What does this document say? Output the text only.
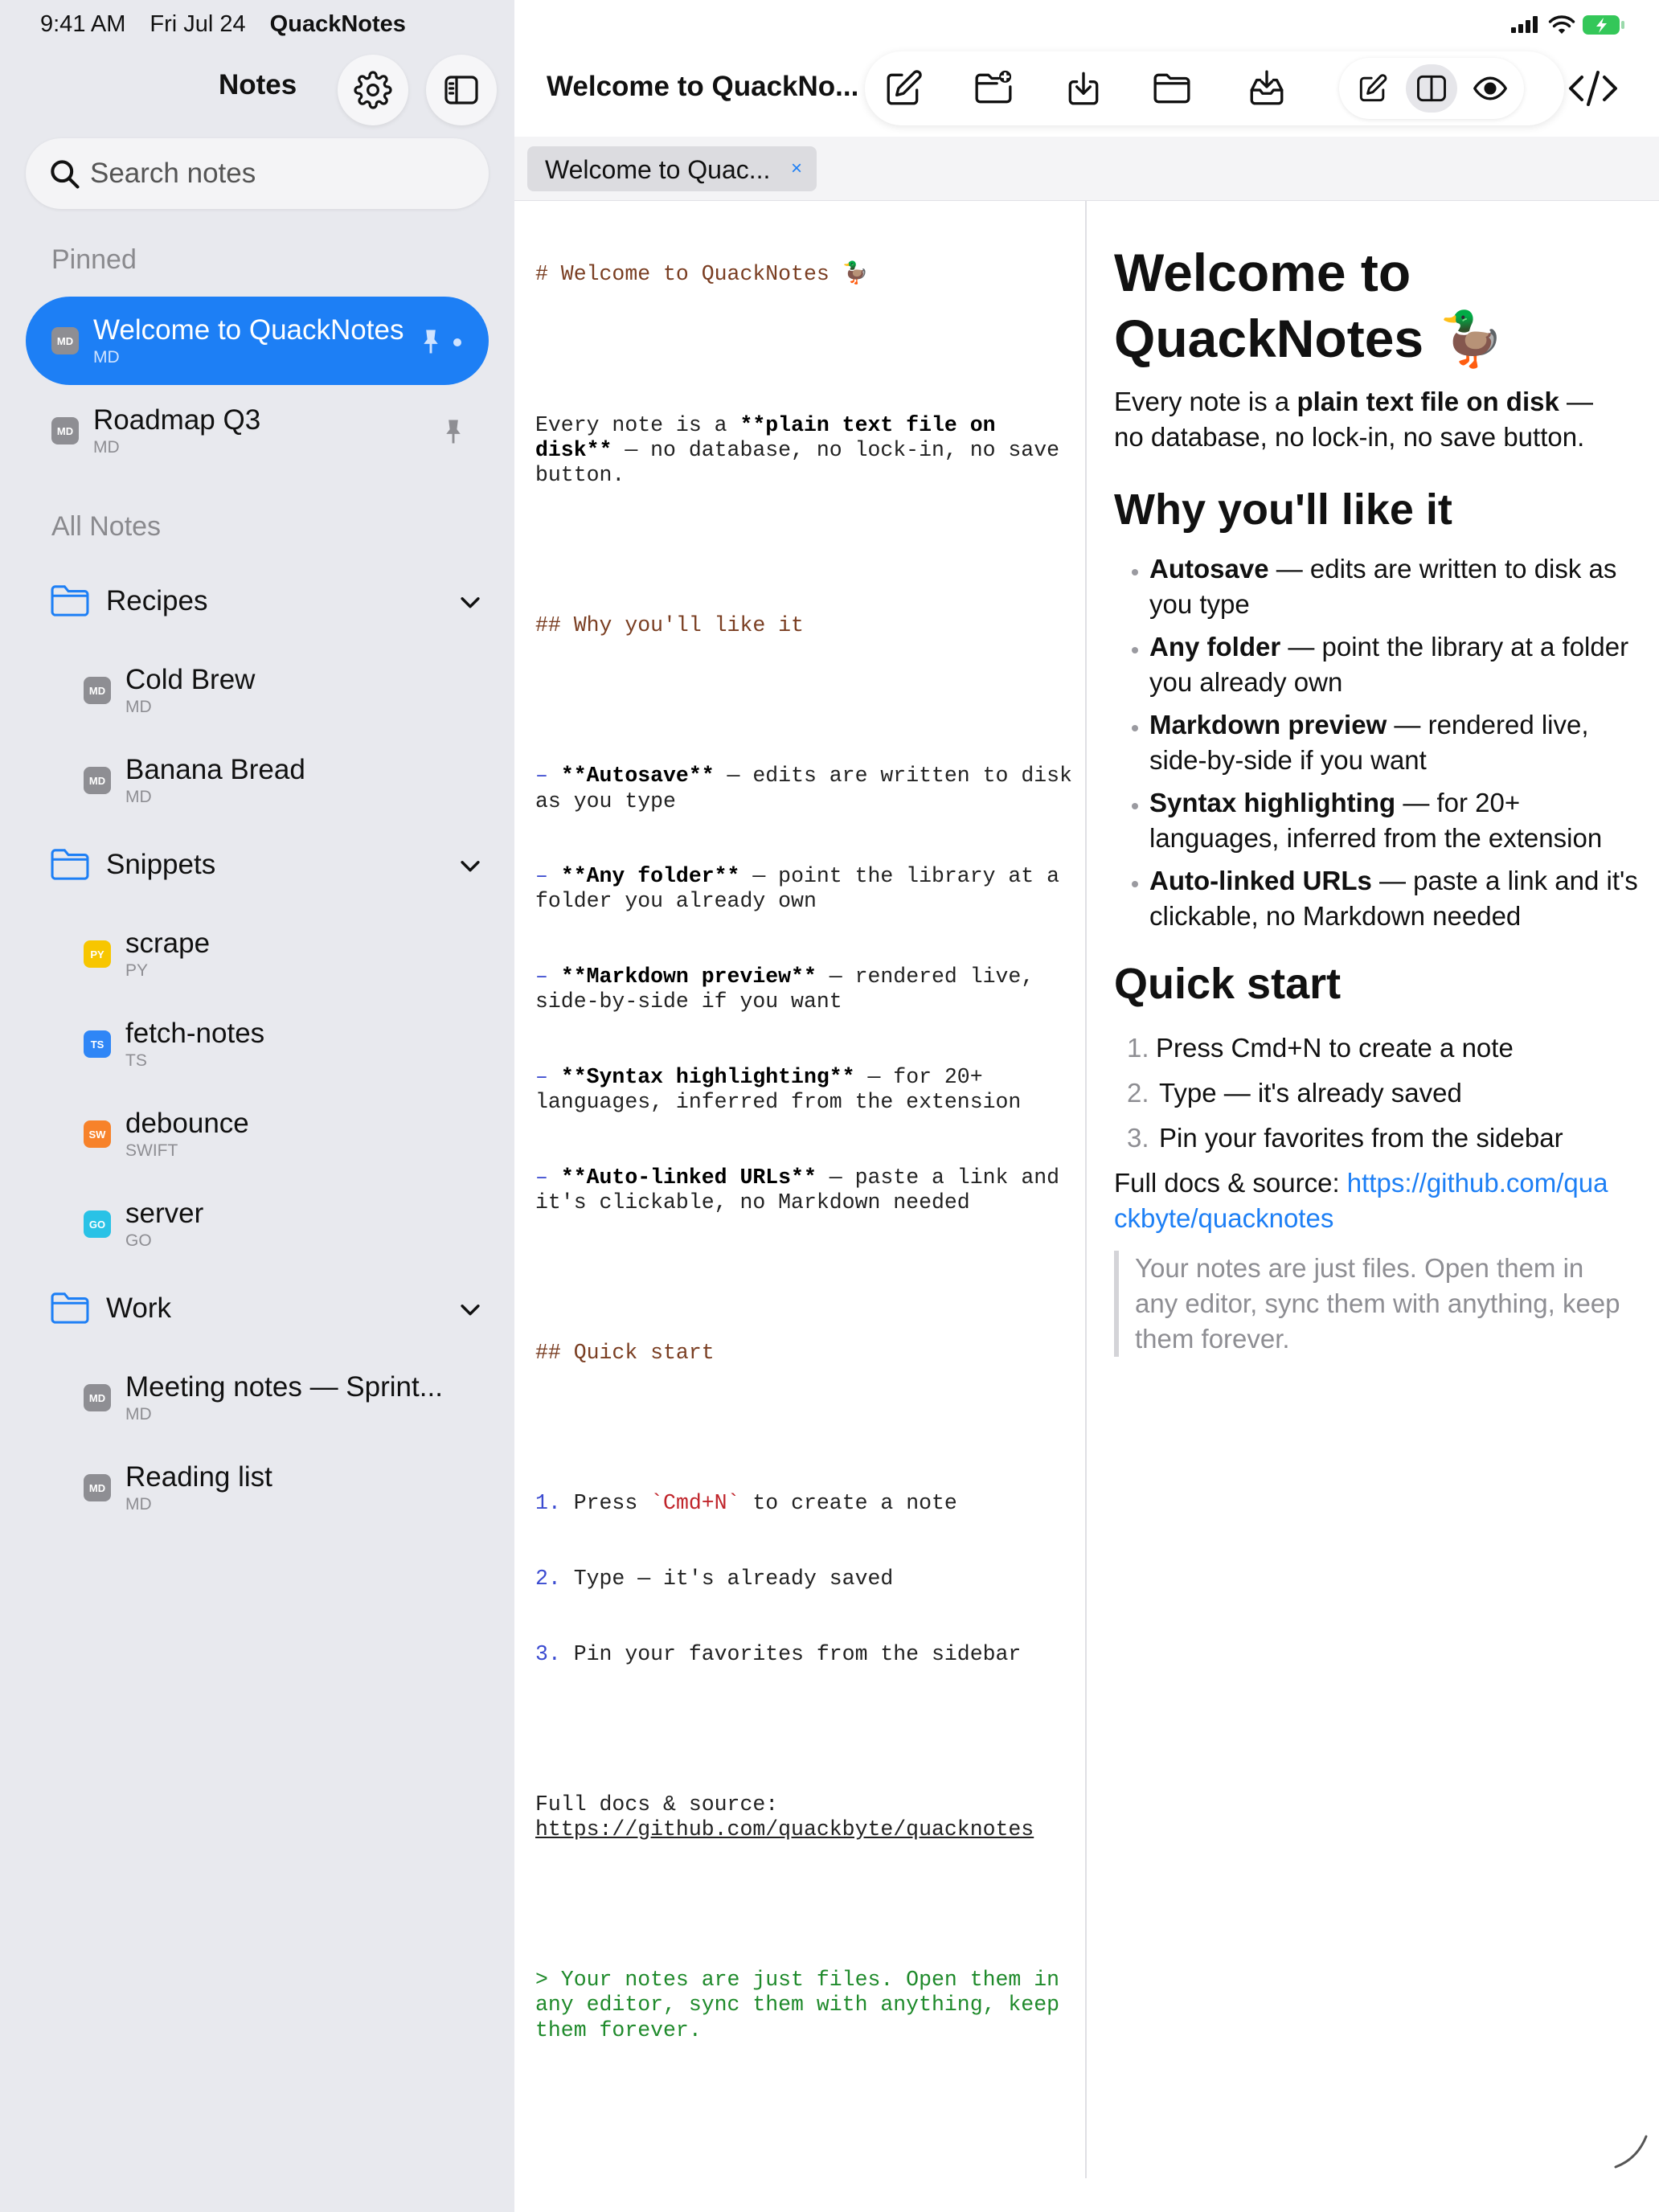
9:41 AM Fri Jul 24 QuackNotes
Notes
Search notes
Pinned
MD Welcome to QuackNotes
MD
MD Roadmap Q3
MD
All Notes
Recipes
MD Cold Brew
MD
MD Banana Bread
MD
Snippets
PY scrape
PY
TS fetch-notes
TS
SW debounce
SWIFT
GO server
GO
Work
MD Meeting notes — Sprint...
MD
MD Reading list
MD
Welcome to QuackNo...
Welcome to Quac... ×

# Welcome to QuackNotes 🦆

Every note is a **plain text file on disk** — no database, no lock-in, no save button.

## Why you'll like it

– **Autosave** — edits are written to disk as you type

– **Any folder** — point the library at a folder you already own

– **Markdown preview** — rendered live, side-by-side if you want

– **Syntax highlighting** — for 20+ languages, inferred from the extension

– **Auto-linked URLs** — paste a link and it's clickable, no Markdown needed

## Quick start

1. Press `Cmd+N` to create a note

2. Type — it's already saved

3. Pin your favorites from the sidebar

Full docs & source: https://github.com/quackbyte/quacknotes

> Your notes are just files. Open them in any editor, sync them with anything, keep them forever.

Welcome to QuackNotes 🦆
Every note is a plain text file on disk — no database, no lock-in, no save button.
Why you'll like it
Autosave — edits are written to disk as you type
Any folder — point the library at a folder you already own
Markdown preview — rendered live, side-by-side if you want
Syntax highlighting — for 20+ languages, inferred from the extension
Auto-linked URLs — paste a link and it's clickable, no Markdown needed
Quick start
1. Press Cmd+N to create a note
2. Type — it's already saved
3. Pin your favorites from the sidebar
Full docs & source: https://github.com/quackbyte/quacknotes
Your notes are just files. Open them in any editor, sync them with anything, keep them forever.
